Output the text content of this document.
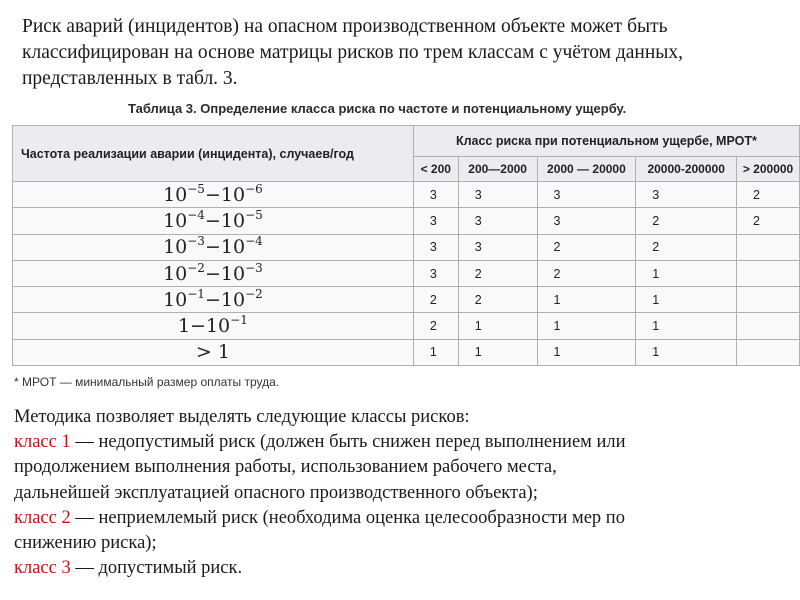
Риск аварий (инцидентов) на опасном производственном объекте может быть
классифицирован на основе матрицы рисков по трем классам с учётом данных,
представленных в табл. 3.
Таблица 3. Определение класса риска по частоте и потенциальному ущербу.
Частота реализации аварии (инцидента), случаев/год	Класс риска при потенциальном ущербе, МРОТ*				
	< 200	200—2000	2000 — 20000	20000-200000	> 200000
$10^{-5}-10^{-6}$	3	3	3	3	2
$10^{-4}-10^{-5}$	3	3	3	2	2
$10^{-3}-10^{-4}$	3	3	2	2	
$10^{-2}-10^{-3}$	3	2	2	1	
$10^{-1}-10^{-2}$	2	2	1	1	
$1-10^{-1}$	2	1	1	1	
> 1	1	1	1	1	
* МРОТ — минимальный размер оплаты труда.
Методика позволяет выделять следующие классы рисков:
класс 1 — недопустимый риск (должен быть снижен перед выполнением или
продолжением выполнения работы, использованием рабочего места,
дальнейшей эксплуатацией опасного производственного объекта);
класс 2 — неприемлемый риск (необходима оценка целесообразности мер по
снижению риска);
класс 3 — допустимый риск.
